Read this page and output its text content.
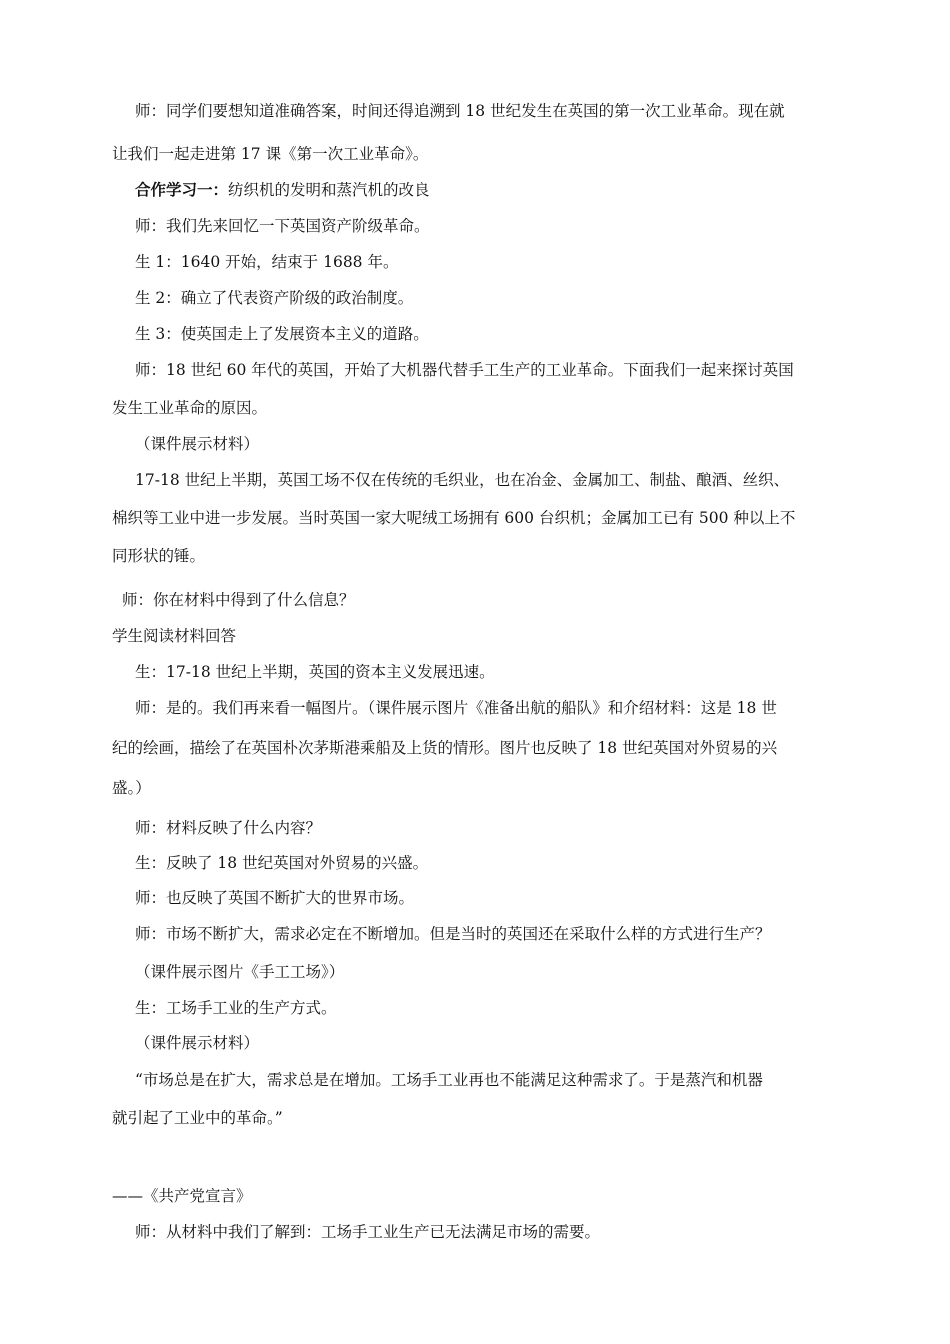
师：同学们要想知道准确答案，时间还得追溯到 18 世纪发生在英国的第一次工业革命。现在就

让我们一起走进第 17 课《第一次工业革命》。

合作学习一：纺织机的发明和蒸汽机的改良

师：我们先来回忆一下英国资产阶级革命。

生 1：1640 开始，结束于 1688 年。

生 2：确立了代表资产阶级的政治制度。

生 3：使英国走上了发展资本主义的道路。

师：18 世纪 60 年代的英国，开始了大机器代替手工生产的工业革命。下面我们一起来探讨英国

发生工业革命的原因。

（课件展示材料）

17-18 世纪上半期，英国工场不仅在传统的毛织业，也在冶金、金属加工、制盐、酿酒、丝织、

棉织等工业中进一步发展。当时英国一家大呢绒工场拥有 600 台织机；金属加工已有 500 种以上不

同形状的锤。

师：你在材料中得到了什么信息？

学生阅读材料回答

生：17-18 世纪上半期，英国的资本主义发展迅速。

师：是的。我们再来看一幅图片。（课件展示图片《准备出航的船队》和介绍材料：这是 18 世

纪的绘画，描绘了在英国朴次茅斯港乘船及上货的情形。图片也反映了 18 世纪英国对外贸易的兴

盛。）

师：材料反映了什么内容？

生：反映了 18 世纪英国对外贸易的兴盛。

师：也反映了英国不断扩大的世界市场。

师：市场不断扩大，需求必定在不断增加。但是当时的英国还在采取什么样的方式进行生产？

（课件展示图片《手工工场》）

生：工场手工业的生产方式。

（课件展示材料）

“市场总是在扩大，需求总是在增加。工场手工业再也不能满足这种需求了。于是蒸汽和机器

就引起了工业中的革命。”

——《共产党宣言》

师：从材料中我们了解到：工场手工业生产已无法满足市场的需要。
